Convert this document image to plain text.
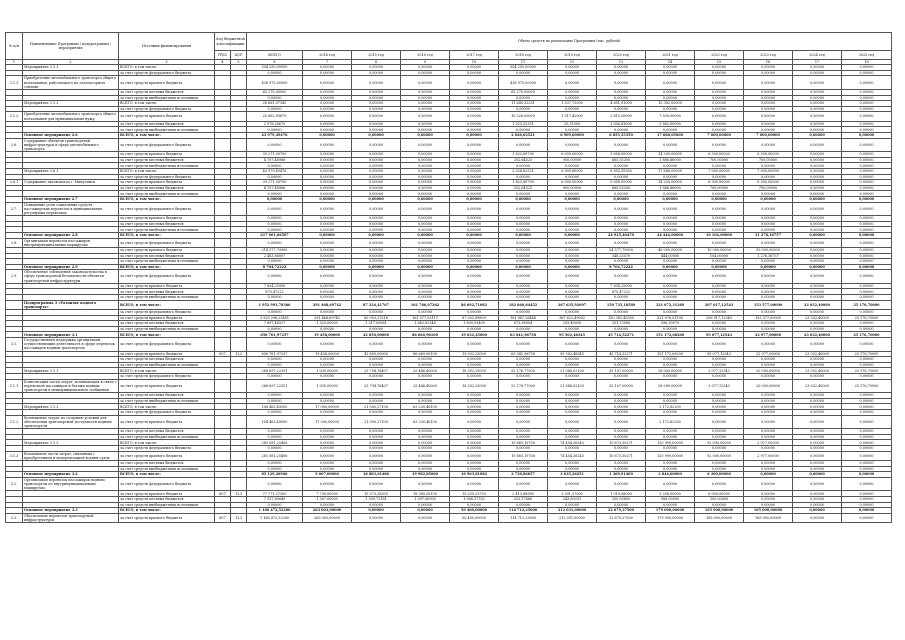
№ п/п	Наименование Программы / подпрограммы / мероприятия	Источник финансирования	Код бюджетной классификации		Объем средств на реализацию Программы (тыс. рублей)												
			ГРБС	ЦСР	ВСЕГО	2014 год	2015 год	2016 год	2017 год	2018 год	2019 год	2020 год	2021 год	2022 год	2023 год	2024 год	2025 год
1	2	3	4	5	6	7	8	9	10	11	12	13	14	15	16	17	18
	Мероприятие 3.1.1	ВСЕГО, в том числе:			504 250,00000	0,00000	0,00000	0,00000	0,00000	504 250,00000	0,00000	0,00000	0,00000	0,00000	0,00000	0,00000	0,00000
		за счет средств федерального бюджета			0,00000	0,00000	0,00000	0,00000	0,00000	0,00000	0,00000	0,00000	0,00000	0,00000	0,00000	0,00000	0,00000
3.1.1	Приобретение автомобильного транспорта общего пользования, работающего на газомоторном топливе	за счет средств краевого бюджета			438 975,00000	0,00000	0,00000	0,00000	0,00000	438 975,00000	0,00000	0,00000	0,00000	0,00000	0,00000	0,00000	0,00000
		за счет средств местных бюджетов			65 275,00000	0,00000	0,00000	0,00000	0,00000	65 275,00000	0,00000	0,00000	0,00000	0,00000	0,00000	0,00000	0,00000
		за счет средств внебюджетных источников			0,00000	0,00000	0,00000	0,00000	0,00000	0,00000	0,00000	0,00000	0,00000	0,00000	0,00000	0,00000	0,00000
	Мероприятие 3.1.2	ВСЕГО, в том числе:			28 661,07340	0,00000	0,00000	0,00000	0,00000	11 649,32331	1 537,73000	4 651,91000	10 382,00000	0,00000	0,00000	0,00000	0,00000
		за счет средств федерального бюджета			0,00000	0,00000	0,00000	0,00000	0,00000	0,00000	0,00000	0,00000	0,00000	0,00000	0,00000	0,00000	0,00000
3.1.2	Приобретение автомобильного транспорта общего пользования для муниципальных нужд	за счет средств краевого бюджета			25 682,80670	0,00000	0,00000	0,00000	0,00000	10 326,00000	1 517,42000	2 815,50000	7 500,00000	0,00000	0,00000	0,00000	0,00000
		за счет средств местных бюджетов			2 978,26670	0,00000	0,00000	0,00000	0,00000	1 323,32331	20,31000	1 836,41000	2 882,00000	0,00000	0,00000	0,00000	0,00000
		за счет средств внебюджетных источников			0,00000	0,00000	0,00000	0,00000	0,00000	0,00000	0,00000	0,00000	0,00000	0,00000	0,00000	0,00000	0,00000
	Основное мероприятие 2.6	ВСЕГО, в том числе:			43 979,49476	0,00000	0,00000	0,00000	0,00000	2 026,62521	6 909,60000	6 855,55350	17 688,05000	7 000,00000	7 000,00000	0,00000	0,00000
2.6.	Содержание объектов транспортной инфраструктуры в сфере автомобильного транспорта	за счет средств федерального бюджета			0,00000	0,00000	0,00000	0,00000	0,00000	0,00000	0,00000	0,00000	0,00000	0,00000	0,00000	0,00000	0,00000
		за счет средств краевого бюджета			39 271,00700	0,00000	0,00000	0,00000	0,00000	1 823,89790	6 000,00000	5 658,00000	14 200,00000	6 300,00000	6 300,00000	0,00000	0,00000
		за счет средств местных бюджетов			4 707,48966	0,00000	0,00000	0,00000	0,00000	202,64525	900,00000	685,55350	1 886,86000	700,00000	700,00000	0,00000	0,00000
		за счет средств внебюджетных источников			0,00000	0,00000	0,00000	0,00000	0,00000	0,00000	0,00000	0,00000	0,00000	0,00000	0,00000	0,00000	0,00000
	Мероприятие 2.6.1	ВСЕГО, в том числе:			43 979,49476	0,00000	0,00000	0,00000	0,00000	2 026,62521	6 909,60000	6 855,55350	17 688,05000	7 000,00000	7 000,00000	0,00000	0,00000
		за счет средств федерального бюджета			0,00000	0,00000	0,00000	0,00000	0,00000	0,00000	0,00000	0,00000	0,00000	0,00000	0,00000	0,00000	0,00000
2.6.1	Содержание автовокзала г. Минусинск	за счет средств краевого бюджета			39 271,00700	0,00000	0,00000	0,00000	0,00000	1 823,89790	6 000,00000	5 658,00000	14 200,00000	6 300,00000	6 300,00000	0,00000	0,00000
		за счет средств местных бюджетов			4 707,48966	0,00000	0,00000	0,00000	0,00000	202,64525	900,00000	685,55350	1 886,86000	700,00000	700,00000	0,00000	0,00000
		за счет средств внебюджетных источников			0,00000	0,00000	0,00000	0,00000	0,00000	0,00000	0,00000	0,00000	0,00000	0,00000	0,00000	0,00000	0,00000
	Основное мероприятие 2.7	ВСЕГО, в том числе:			0,00000	0,00000	0,00000	0,00000	0,00000	0,00000	0,00000	0,00000	0,00000	0,00000	0,00000	0,00000	0,00000
2.7.	Повышение роли социальных средств пассажирских перевозок в муниципальных регулярных перевозках	за счет средств федерального бюджета			0,00000	0,00000	0,00000	0,00000	0,00000	0,00000	0,00000	0,00000	0,00000	0,00000	0,00000	0,00000	0,00000
		за счет средств краевого бюджета			0,00000	0,00000	0,00000	0,00000	0,00000	0,00000	0,00000	0,00000	0,00000	0,00000	0,00000	0,00000	0,00000
		за счет средств местных бюджетов			0,00000	0,00000	0,00000	0,00000	0,00000	0,00000	0,00000	0,00000	0,00000	0,00000	0,00000	0,00000	0,00000
		за счет средств внебюджетных источников			0,00000	0,00000	0,00000	0,00000	0,00000	0,00000	0,00000	0,00000	0,00000	0,00000	0,00000	0,00000	0,00000
	Основное мероприятие 2.8	ВСЕГО, в том числе:			217 061,66507	0,00000	0,00000	0,00000	0,00000	0,00000	0,00000	24 925,40470	44 444,00000	10 104,00000	31 278,16757	0,00000	0,00000
2.8.	Организация перевозок пассажиров внутримуниципальным маршрутам	за счет средств федерального бюджета			0,00000	0,00000	0,00000	0,00000	0,00000	0,00000	0,00000	0,00000	0,00000	0,00000	0,00000	0,00000	0,00000
		за счет средств краевого бюджета			214 577,79900	0,00000	0,00000	0,00000	0,00000	0,00000	0,00000	24 577,79900	40 000,00000	10 000,00000	30 000,00000	0,00000	0,00000
		за счет средств местных бюджетов			2 483,86607	0,00000	0,00000	0,00000	0,00000	0,00000	0,00000	348,25570	444,00000	104,00000	1 278,16757	0,00000	0,00000
		за счет средств внебюджетных источников			0,00000	0,00000	0,00000	0,00000	0,00000	0,00000	0,00000	0,00000	0,00000	0,00000	0,00000	0,00000	0,00000
	Основное мероприятие 2.9	ВСЕГО, в том числе:			8 704,72222	0,00000	0,00000	0,00000	0,00000	0,00000	0,00000	8 704,72222	0,00000	0,00000	0,00000	0,00000	0,00000
2.9.	Обеспечение соблюдения законодательства в сфере транспортной безопасности объектов транспортной инфраструктуры	за счет средств федерального бюджета			0,00000	0,00000	0,00000	0,00000	0,00000	0,00000	0,00000	0,00000	0,00000	0,00000	0,00000	0,00000	0,00000
		за счет средств краевого бюджета			7 834,25000	0,00000	0,00000	0,00000	0,00000	0,00000	0,00000	7 834,25000	0,00000	0,00000	0,00000	0,00000	0,00000
		за счет средств местных бюджетов			870,47222	0,00000	0,00000	0,00000	0,00000	0,00000	0,00000	870,47222	0,00000	0,00000	0,00000	0,00000	0,00000
		за счет средств внебюджетных источников			0,00000	0,00000	0,00000	0,00000	0,00000	0,00000	0,00000	0,00000	0,00000	0,00000	0,00000	0,00000	0,00000
	Подпрограмма 3 «Развитие водного транспорта»	ВСЕГО, в том числе:			1 952 993,78366	291 468,69742	87 324,41767	161 786,07262	86 692,71082	182 860,64452	367 635,92097	150 735,18589	321 672,31269	207 017,12543	153 577,00000	23 032,40000	25 176,70000
		за счет средств федерального бюджета			0,00000	0,00000	0,00000	0,00000	0,00000	0,00000	0,00000	0,00000	0,00000	0,00000	0,00000	0,00000	0,00000
		за счет средств краевого бюджета			1 925 296,25491	291 468,69742	80 003,27016	161 077,03117	87 052,89809	181 987,26448	367 622,49092	150 383,45500	321 076,01190	206 917,12543	153 577,00000	23 032,40000	25 176,70000
		за счет средств местных бюджетов			7 697,46527	1 320,00000	1 317,05681	1 643,82548	1 609,59409	873,38004	293,49000	351,73089	596,30079	0,00000	0,00000	0,00000	0,00000
		за счет средств внебюджетных источников			0,00000	0,00000	0,00000	0,00000	0,00000	0,00000	0,00000	0,00000	0,00000	0,00000	0,00000	0,00000	0,00000
	Основное мероприятие 3.1	ВСЕГО, в том числе:			656 761,97257	19 458,00000	42 850,00000	86 660,96100	19 032,25000	63 041,96758	95 502,48345	45 714,52271	151 172,08200	95 077,12543	22 977,00000	23 032,40000	25 176,70000
3.1.	Государственная поддержка организаций, осуществляющих деятельность в сфере перевозок пассажиров водным транспортом	за счет средств федерального бюджета			0,00000	0,00000	0,00000	0,00000	0,00000	0,00000	0,00000	0,00000	0,00000	0,00000	0,00000	0,00000	0,00000
		за счет средств краевого бюджета	807	123	656 761,97257	19 458,00000	42 850,00000	86 660,96100	19 032,25000	63 041,96758	95 502,48345	45 714,52271	151 172,08200	95 077,12543	22 977,00000	23 032,40000	25 176,70000
		за счет средств местных бюджетов			0,00000	0,00000	0,00000	0,00000	0,00000	0,00000	0,00000	0,00000	0,00000	0,00000	0,00000	0,00000	0,00000
		за счет средств внебюджетных источников			0,00000	0,00000	0,00000	0,00000	0,00000	0,00000	0,00000	0,00000	0,00000	0,00000	0,00000	0,00000	0,00000
	Мероприятие 3.1.1	ВСЕГО, в том числе:			268 697,22351	1 030,00000	23 794,76407	25 446,40000	18 352,25000	52 176,77000	21 048,02100	35 107,00000	28 000,00000	3 077,12543	20 000,00000	23 032,40000	25 176,70000
		за счет средств федерального бюджета			0,00000	0,00000	0,00000	0,00000	0,00000	0,00000	0,00000	0,00000	0,00000	0,00000	0,00000	0,00000	0,00000
3.1.1	Компенсация части затрат, возникающих в связи с перевозкой пассажиров и багажа водным транспортом в межмуниципальном сообщении	за счет средств краевого бюджета			268 697,22351	1 030,00000	23 794,76407	25 446,40000	18 352,25000	52 176,77000	21 048,02100	35 107,00000	28 000,00000	3 077,12543	20 000,00000	23 032,40000	25 176,70000
		за счет средств местных бюджетов			0,00000	0,00000	0,00000	0,00000	0,00000	0,00000	0,00000	0,00000	0,00000	0,00000	0,00000	0,00000	0,00000
		за счет средств внебюджетных источников			0,00000	0,00000	0,00000	0,00000	0,00000	0,00000	0,00000	0,00000	0,00000	0,00000	0,00000	0,00000	0,00000
	Мероприятие 3.1.2	ВСЕГО, в том числе:			104 463,49500	17 000,00000	21 000,27100	63 230,46100	0,00000	0,00000	0,00000	0,00000	2 172,82200	0,00000	0,00000	0,00000	0,00000
		за счет средств федерального бюджета			0,00000	0,00000	0,00000	0,00000	0,00000	0,00000	0,00000	0,00000	0,00000	0,00000	0,00000	0,00000	0,00000
3.1.2	Возмещение затрат по созданию условий для обеспечения транспортной доступности водным транспортом	за счет средств краевого бюджета			104 463,49500	17 000,00000	21 000,27100	63 230,46100	0,00000	0,00000	0,00000	0,00000	2 172,82200	0,00000	0,00000	0,00000	0,00000
		за счет средств местных бюджетов			0,00000	0,00000	0,00000	0,00000	0,00000	0,00000	0,00000	0,00000	0,00000	0,00000	0,00000	0,00000	0,00000
		за счет средств внебюджетных источников			0,00000	0,00000	0,00000	0,00000	0,00000	0,00000	0,00000	0,00000	0,00000	0,00000	0,00000	0,00000	0,00000
	Мероприятие 3.1.3	ВСЕГО, в том числе:			283 581,25406	0,00000	0,00000	0,00000	0,00000	10 865,19758	74 454,36245	10 673,30271	120 999,00000	92 000,00000	2 977,00000	0,00000	0,00000
		за счет средств федерального бюджета			0,00000	0,00000	0,00000	0,00000	0,00000	0,00000	0,00000	0,00000	0,00000	0,00000	0,00000	0,00000	0,00000
3.1.3	Возмещение части затрат, связанных с приобретением и модернизацией водных судов	за счет средств краевого бюджета			283 581,25406	0,00000	0,00000	0,00000	0,00000	10 865,19758	74 454,36245	10 673,30271	120 999,00000	92 000,00000	2 977,00000	0,00000	0,00000
		за счет средств местных бюджетов			0,00000	0,00000	0,00000	0,00000	0,00000	0,00000	0,00000	0,00000	0,00000	0,00000	0,00000	0,00000	0,00000
		за счет средств внебюджетных источников			0,00000	0,00000	0,00000	0,00000	0,00000	0,00000	0,00000	0,00000	0,00000	0,00000	0,00000	0,00000	0,00000
	Основное мероприятие 3.2	ВСЕГО, в том числе:			85 129,26940	9 007,00000	16 883,01486	19 982,85000	16 903,81082	2 738,86657	3 635,26251	1 369,91400	3 844,00000	6 300,00000	0,00000	0,00000	0,00000
3.2.	Организация перевозок пассажиров водным транспортом по внутримуниципальным маршрутам	за счет средств федерального бюджета			0,00000	0,00000	0,00000	0,00000	0,00000	0,00000	0,00000	0,00000	0,00000	0,00000	0,00000	0,00000	0,00000
		за счет средств краевого бюджета	807	123	77 771,37300	7 700,00000	15 573,28305	18 385,28100	15 335,23750	2 413,68989	3 391,37000	1 018,98000	3 256,00000	6 000,00000	0,00000	0,00000	0,00000
		за счет средств местных бюджетов			7 357,89640	1 307,00000	1 309,73181	1 597,56900	1 568,57332	325,17668	243,89251	350,93400	588,00000	300,00000	0,00000	0,00000	0,00000
		за счет средств внебюджетных источников			0,00000	0,00000	0,00000	0,00000	0,00000	0,00000	0,00000	0,00000	0,00000	0,00000	0,00000	0,00000	0,00000
	Основное мероприятие 3.3	ВСЕГО, в том числе:			1 186 472,52200	263 003,00000	0,00000	0,00000	50 400,00000	114 712,25000	212 031,00000	22 679,27500	179 000,00000	165 000,00000	165 000,00000	0,00000	0,00000
3.3.	Обеспечение перевозок транспортной инфраструктуры	за счет средств краевого бюджета	807	123	1 186 472,52200	263 003,00000	0,00000	0,00000	50 400,00000	114 712,25000	212 031,00000	22 679,27500	179 000,00000	165 000,00000	165 000,00000	0,00000	0,00000
